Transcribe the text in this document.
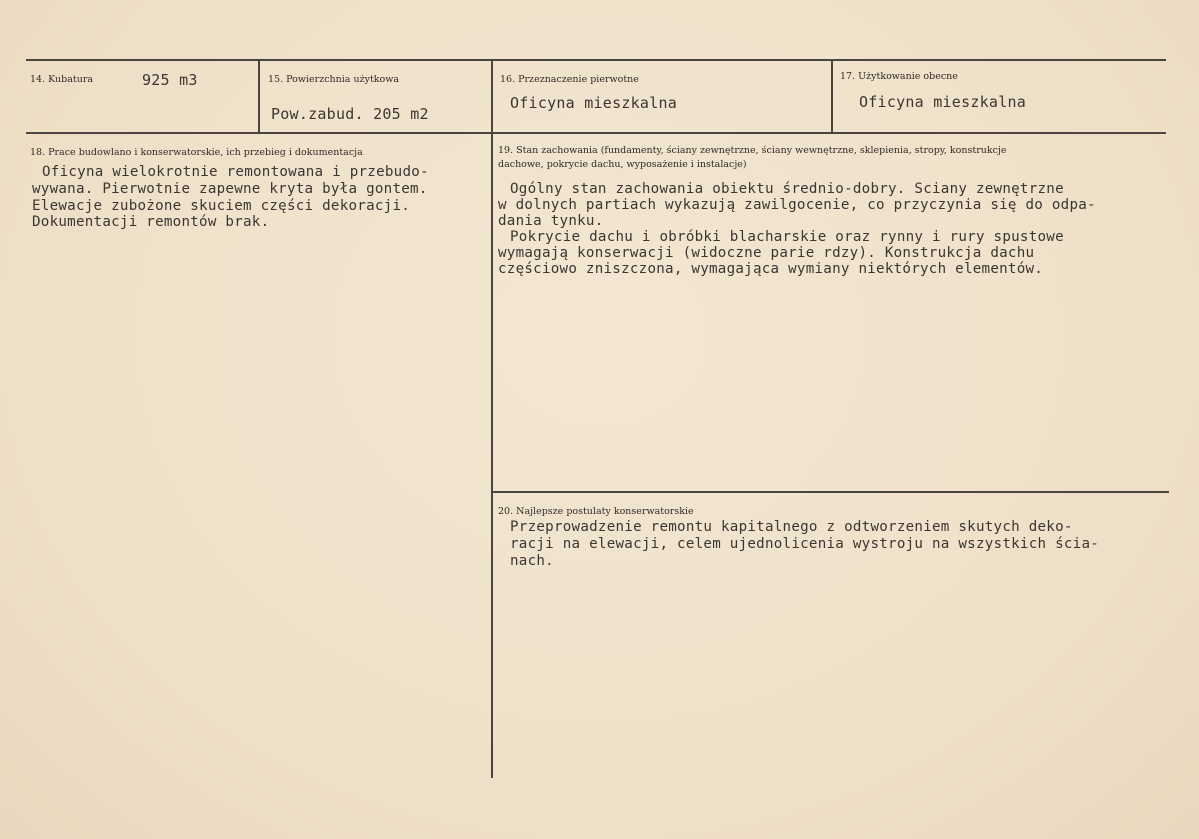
14. Kubatura	925 m3	15. Powierzchnia użytkowa
Pow.zabud. 205 m2
16. Przeznaczenie pierwotne
Oficyna mieszkalna
17. Użytkowanie obecne
Oficyna mieszkalna
18. Prace budowlano i konserwatorskie, ich przebieg i dokumentacja
Oficyna wielokrotnie remontowana i przebudo-
wywana. Pierwotnie zapewne kryta była gontem.
Elewacje zubożone skuciem części dekoracji.
Dokumentacji remontów brak.
19. Stan zachowania (fundamenty, ściany zewnętrzne, ściany wewnętrzne, sklepienia, stropy, konstrukcje
dachowe, pokrycie dachu, wyposażenie i instalacje)
Ogólny stan zachowania obiektu średnio-dobry. Sciany zewnętrzne
w dolnych partiach wykazują zawilgocenie, co przyczynia się do odpa-
dania tynku.
Pokrycie dachu i obróbki blacharskie oraz rynny i rury spustowe
wymagają konserwacji (widoczne parie rdzy). Konstrukcja dachu
częściowo zniszczona, wymagająca wymiany niektórych elementów.
20. Najlepsze postulaty konserwatorskie
Przeprowadzenie remontu kapitalnego z odtworzeniem skutych deko-
racji na elewacji, celem ujednolicenia wystroju na wszystkich ścia-
nach.
